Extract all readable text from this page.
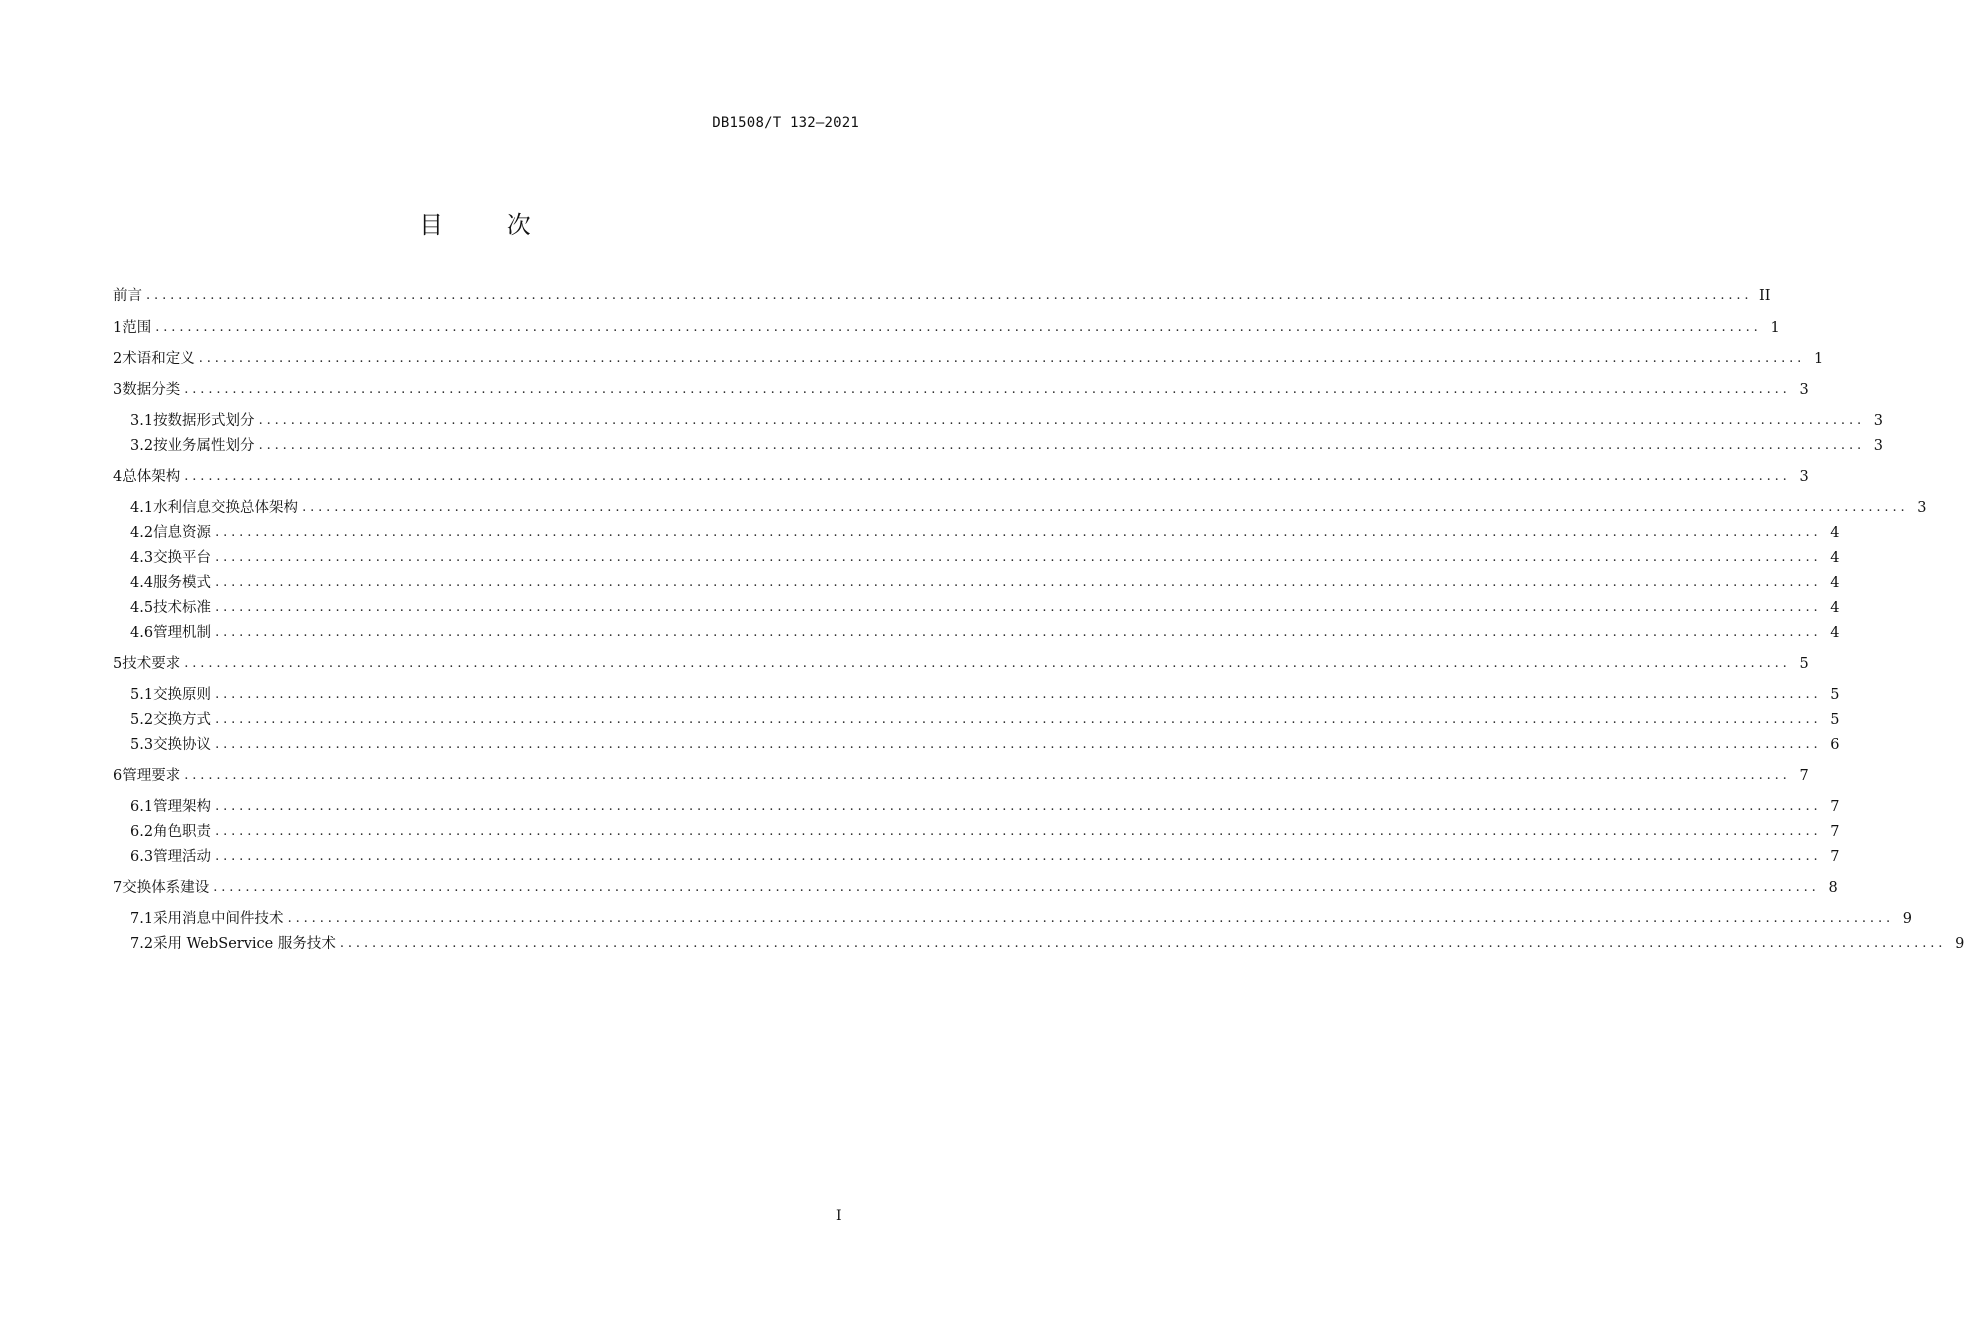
DB1508/T 132—2021
目 次
前言 ........................................................................................................................................................................................................ II
1 范围 ........................................................................................................................................................................................................ 1
2 术语和定义 ........................................................................................................................................................................................................ 1
3 数据分类 ........................................................................................................................................................................................................ 3
3.1 按数据形式划分 ........................................................................................................................................................................................................ 3
3.2 按业务属性划分 ........................................................................................................................................................................................................ 3
4 总体架构 ........................................................................................................................................................................................................ 3
4.1 水利信息交换总体架构 ........................................................................................................................................................................................................ 3
4.2 信息资源 ........................................................................................................................................................................................................ 4
4.3 交换平台 ........................................................................................................................................................................................................ 4
4.4 服务模式 ........................................................................................................................................................................................................ 4
4.5 技术标准 ........................................................................................................................................................................................................ 4
4.6 管理机制 ........................................................................................................................................................................................................ 4
5 技术要求 ........................................................................................................................................................................................................ 5
5.1 交换原则 ........................................................................................................................................................................................................ 5
5.2 交换方式 ........................................................................................................................................................................................................ 5
5.3 交换协议 ........................................................................................................................................................................................................ 6
6 管理要求 ........................................................................................................................................................................................................ 7
6.1 管理架构 ........................................................................................................................................................................................................ 7
6.2 角色职责 ........................................................................................................................................................................................................ 7
6.3 管理活动 ........................................................................................................................................................................................................ 7
7 交换体系建设 ........................................................................................................................................................................................................ 8
7.1 采用消息中间件技术 ........................................................................................................................................................................................................ 9
7.2 采用 WebService 服务技术 ........................................................................................................................................................................................................ 9
I
